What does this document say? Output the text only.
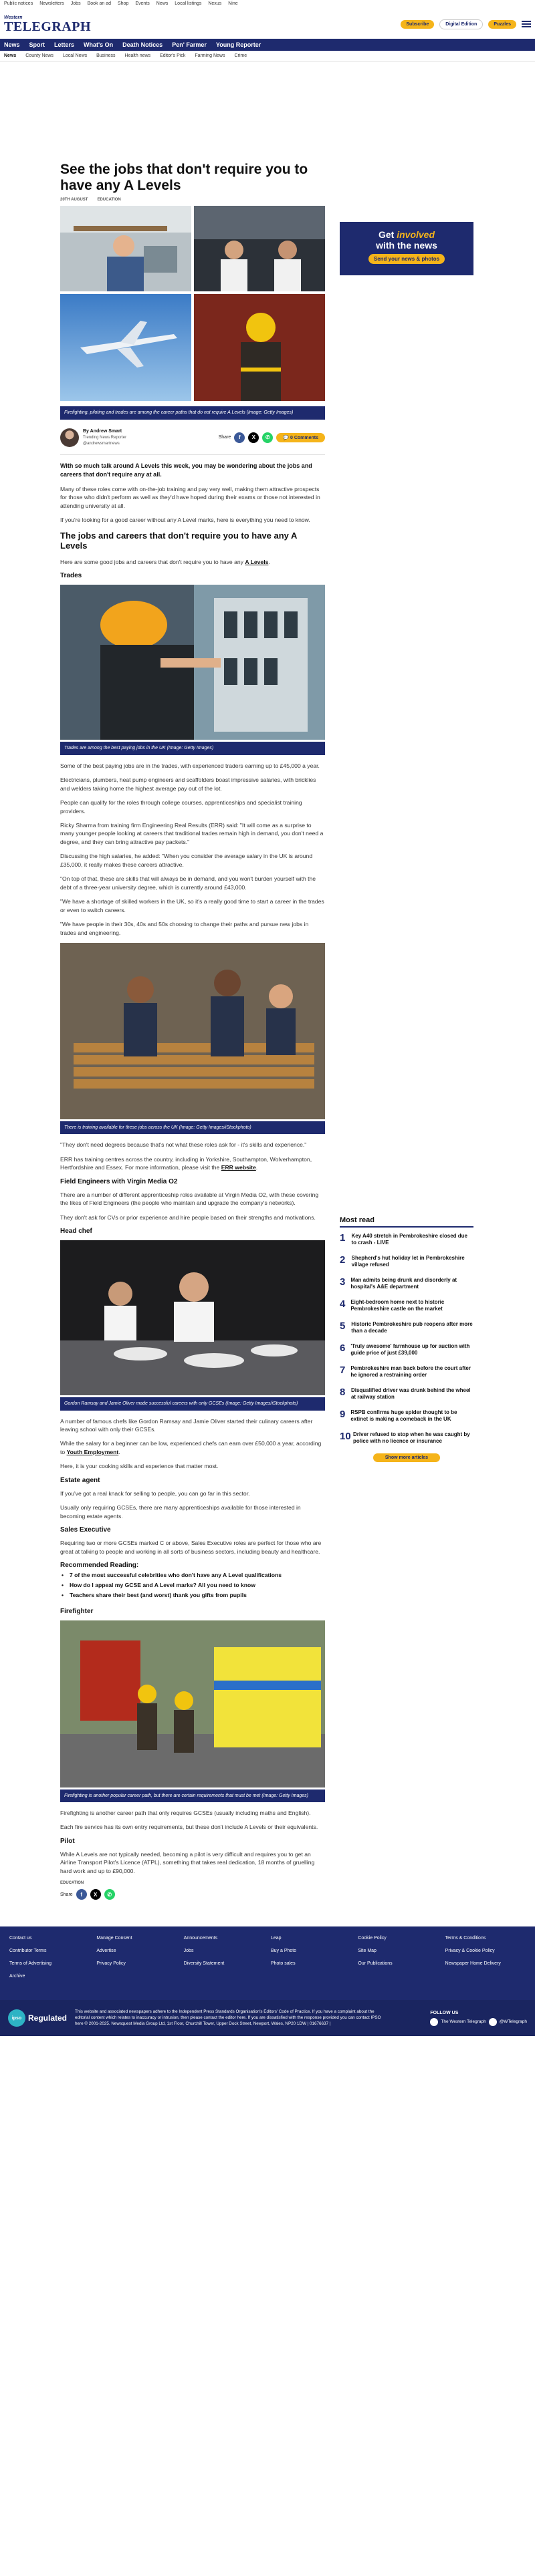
Public notices Newsletters Jobs Book an ad Shop Events News Local listings Nexus Nine
Western
TELEGRAPH	Subscribe	Digital Edition	Puzzles
News Sport Letters What's On Death Notices Pen' Farmer Young Reporter
News County News Local News Business Health news Editor's Pick Farming News Crime
See the jobs that don't require you to have any A Levels
20TH AUGUST EDUCATION
Firefighting, piloting and trades are among the career paths that do not require A Levels (Image: Getty Images)
By Andrew Smart
Trending News Reporter
@andrewsmartnews
Share	f	X	✆	💬 0 Comments

With so much talk around A Levels this week, you may be wondering about the jobs and careers that don't require any at all.

Many of these roles come with on-the-job training and pay very well, making them attractive prospects for those who didn't perform as well as they'd have hoped during their exams or those not interested in attending university at all.

If you're looking for a good career without any A Level marks, here is everything you need to know.

The jobs and careers that don't require you to have any A Levels

Here are some good jobs and careers that don't require you to have any A Levels.

Trades
Trades are among the best paying jobs in the UK (Image: Getty Images)

Some of the best paying jobs are in the trades, with experienced traders earning up to £45,000 a year.

Electricians, plumbers, heat pump engineers and scaffolders boast impressive salaries, with bricklies and welders taking home the highest average pay out of the lot.

People can qualify for the roles through college courses, apprenticeships and specialist training providers.

Ricky Sharma from training firm Engineering Real Results (ERR) said: "It will come as a surprise to many younger people looking at careers that traditional trades remain high in demand, you don't need a degree, and they can bring attractive pay packets."

Discussing the high salaries, he added: "When you consider the average salary in the UK is around £35,000, it really makes these careers attractive.

"On top of that, these are skills that will always be in demand, and you won't burden yourself with the debt of a three-year university degree, which is currently around £43,000.

"We have a shortage of skilled workers in the UK, so it's a really good time to start a career in the trades or even to switch careers.

"We have people in their 30s, 40s and 50s choosing to change their paths and pursue new jobs in trades and engineering.

There is training available for these jobs across the UK (Image: Getty Images/iStockphoto)

"They don't need degrees because that's not what these roles ask for - it's skills and experience."

ERR has training centres across the country, including in Yorkshire, Southampton, Wolverhampton, Hertfordshire and Essex. For more information, please visit the ERR website.

Field Engineers with Virgin Media O2

There are a number of different apprenticeship roles available at Virgin Media O2, with these covering the likes of Field Engineers (the people who maintain and upgrade the company's networks).

They don't ask for CVs or prior experience and hire people based on their strengths and motivations.

Head chef
Gordon Ramsay and Jamie Oliver made successful careers with only GCSEs (Image: Getty Images/iStockphoto)

A number of famous chefs like Gordon Ramsay and Jamie Oliver started their culinary careers after leaving school with only their GCSEs.

While the salary for a beginner can be low, experienced chefs can earn over £50,000 a year, according to Youth Employment.

Here, it is your cooking skills and experience that matter most.

Estate agent

If you've got a real knack for selling to people, you can go far in this sector.

Usually only requiring GCSEs, there are many apprenticeships available for those interested in becoming estate agents.

Sales Executive

Requiring two or more GCSEs marked C or above, Sales Executive roles are perfect for those who are great at talking to people and working in all sorts of business sectors, including beauty and healthcare.

Recommended Reading:
• 7 of the most successful celebrities who don't have any A Level qualifications
• How do I appeal my GCSE and A Level marks? All you need to know
• Teachers share their best (and worst) thank you gifts from pupils
Firefighter
Firefighting is another popular career path, but there are certain requirements that must be met (Image: Getty Images)

Firefighting is another career path that only requires GCSEs (usually including maths and English).

Each fire service has its own entry requirements, but these don't include A Levels or their equivalents.

Pilot

While A Levels are not typically needed, becoming a pilot is very difficult and requires you to get an Airline Transport Pilot's Licence (ATPL), something that takes real dedication, 18 months of gruelling hard work and up to £90,000.

EDUCATION
Share	f	X	✆
Get involved
with the news
Send your news & photos
Most read
1 Key A40 stretch in Pembrokeshire closed due to crash - LIVE
2 Shepherd's hut holiday let in Pembrokeshire village refused
3 Man admits being drunk and disorderly at hospital's A&E department
4 Eight-bedroom home next to historic Pembrokeshire castle on the market
5 Historic Pembrokeshire pub reopens after more than a decade
6 'Truly awesome' farmhouse up for auction with guide price of just £39,000
7 Pembrokeshire man back before the court after he ignored a restraining order
8 Disqualified driver was drunk behind the wheel at railway station
9 RSPB confirms huge spider thought to be extinct is making a comeback in the UK
10 Driver refused to stop when he was caught by police with no licence or insurance
Show more articles
Contact us	Manage Consent	Announcements	Leap	Cookie Policy	Terms & Conditions
Contributor Terms	Advertise	Jobs	Buy a Photo	Site Map	Privacy & Cookie Policy
Terms of Advertising	Privacy Policy	Diversity Statement	Photo sales	Our Publications	Newspaper Home Delivery
Archive
ipso Regulated
This website and associated newspapers adhere to the Independent Press Standards Organisation's Editors' Code of Practice. If you have a complaint about the editorial content which relates to inaccuracy or intrusion, then please contact the editor here. If you are dissatisfied with the response provided you can contact IPSO here © 2001-2025. Newsquest Media Group Ltd, 1st Floor, Churchill Tower, Upper Dock Street, Newport, Wales, NP20 1DW | 01676637 |
FOLLOW US
The Western Telegraph	@WTelegraph
